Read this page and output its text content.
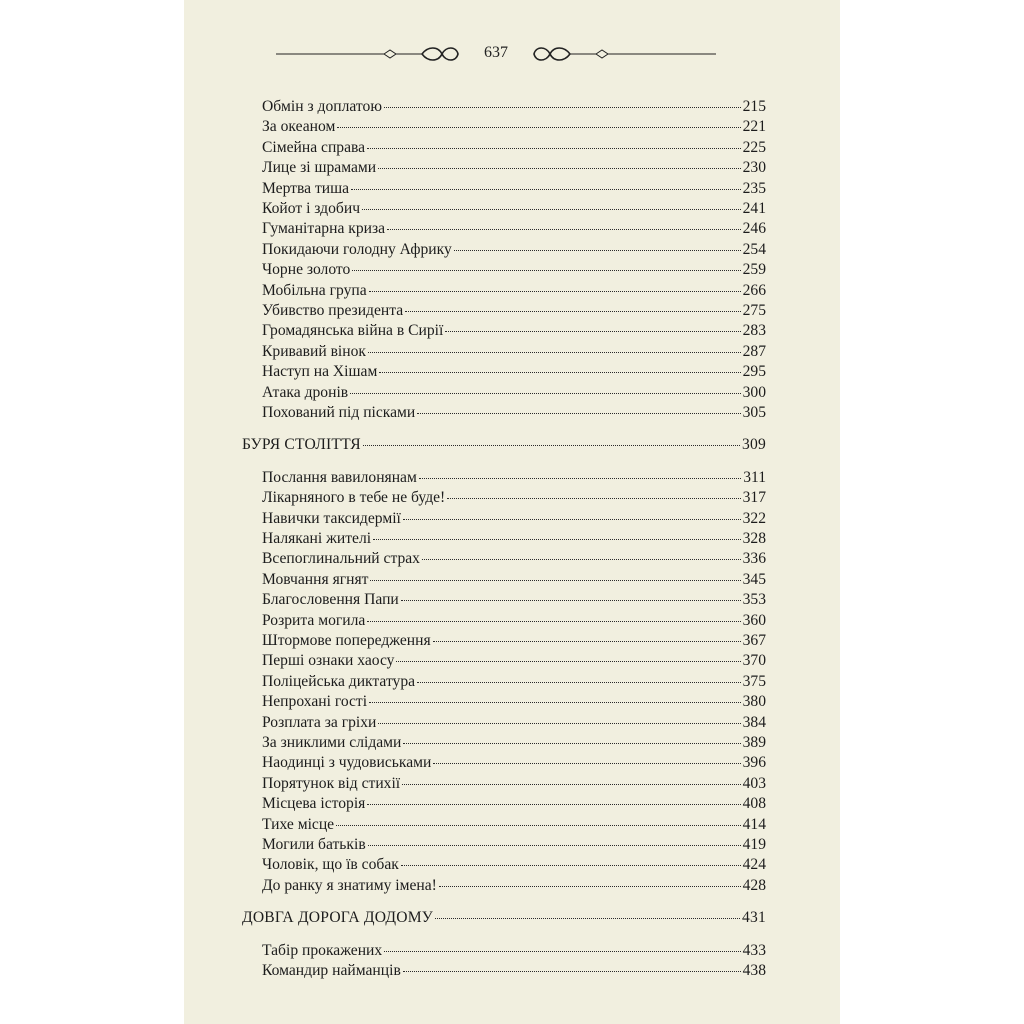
637
Обмін з доплатою	215
За океаном	221
Сімейна справа	225
Лице зі шрамами	230
Мертва тиша	235
Койот і здобич	241
Гуманітарна криза	246
Покидаючи голодну Африку	254
Чорне золото	259
Мобільна група	266
Убивство президента	275
Громадянська війна в Сирії	283
Кривавий вінок	287
Наступ на Хішам	295
Атака дронів	300
Похований під пісками	305
БУРЯ СТОЛІТТЯ	309
Послання вавилонянам	311
Лікарняного в тебе не буде!	317
Навички таксидермії	322
Налякані жителі	328
Всепоглинальний страх	336
Мовчання ягнят	345
Благословення Папи	353
Розрита могила	360
Штормове попередження	367
Перші ознаки хаосу	370
Поліцейська диктатура	375
Непрохані гості	380
Розплата за гріхи	384
За зниклими слідами	389
Наодинці з чудовиськами	396
Порятунок від стихії	403
Місцева історія	408
Тихе місце	414
Могили батьків	419
Чоловік, що їв собак	424
До ранку я знатиму імена!	428
ДОВГА ДОРОГА ДОДОМУ	431
Табір прокажених	433
Командир найманців	438
